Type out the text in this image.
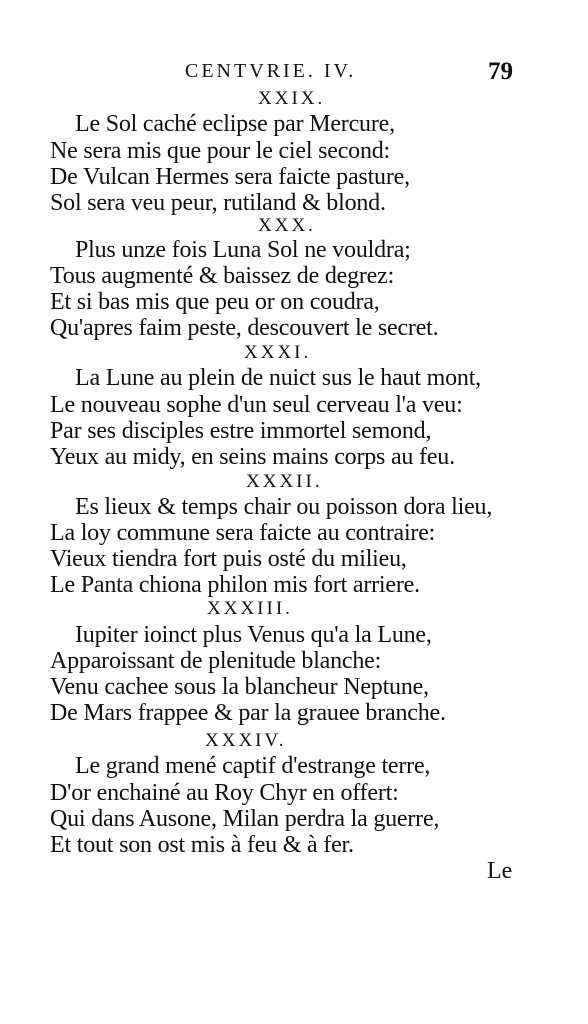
CENTVRIE. IV.	79
XXIX.
Le Sol caché eclipse par Mercure,
Ne sera mis que pour le ciel second:
De Vulcan Hermes sera faicte pasture,
Sol sera veu peur, rutiland & blond.
XXX.
Plus unze fois Luna Sol ne vouldra;
Tous augmenté & baissez de degrez:
Et si bas mis que peu or on coudra,
Qu'apres faim peste, descouvert le secret.
XXXI.
La Lune au plein de nuict sus le haut mont,
Le nouveau sophe d'un seul cerveau l'a veu:
Par ses disciples estre immortel semond,
Yeux au midy, en seins mains corps au feu.
XXXII.
Es lieux & temps chair ou poisson dora lieu,
La loy commune sera faicte au contraire:
Vieux tiendra fort puis osté du milieu,
Le Panta chiona philon mis fort arriere.
XXXIII.
Iupiter ioinct plus Venus qu'a la Lune,
Apparoissant de plenitude blanche:
Venu cachee sous la blancheur Neptune,
De Mars frappee & par la grauee branche.
XXXIV.
Le grand mené captif d'estrange terre,
D'or enchainé au Roy Chyr en offert:
Qui dans Ausone, Milan perdra la guerre,
Et tout son ost mis à feu & à fer.
Le
